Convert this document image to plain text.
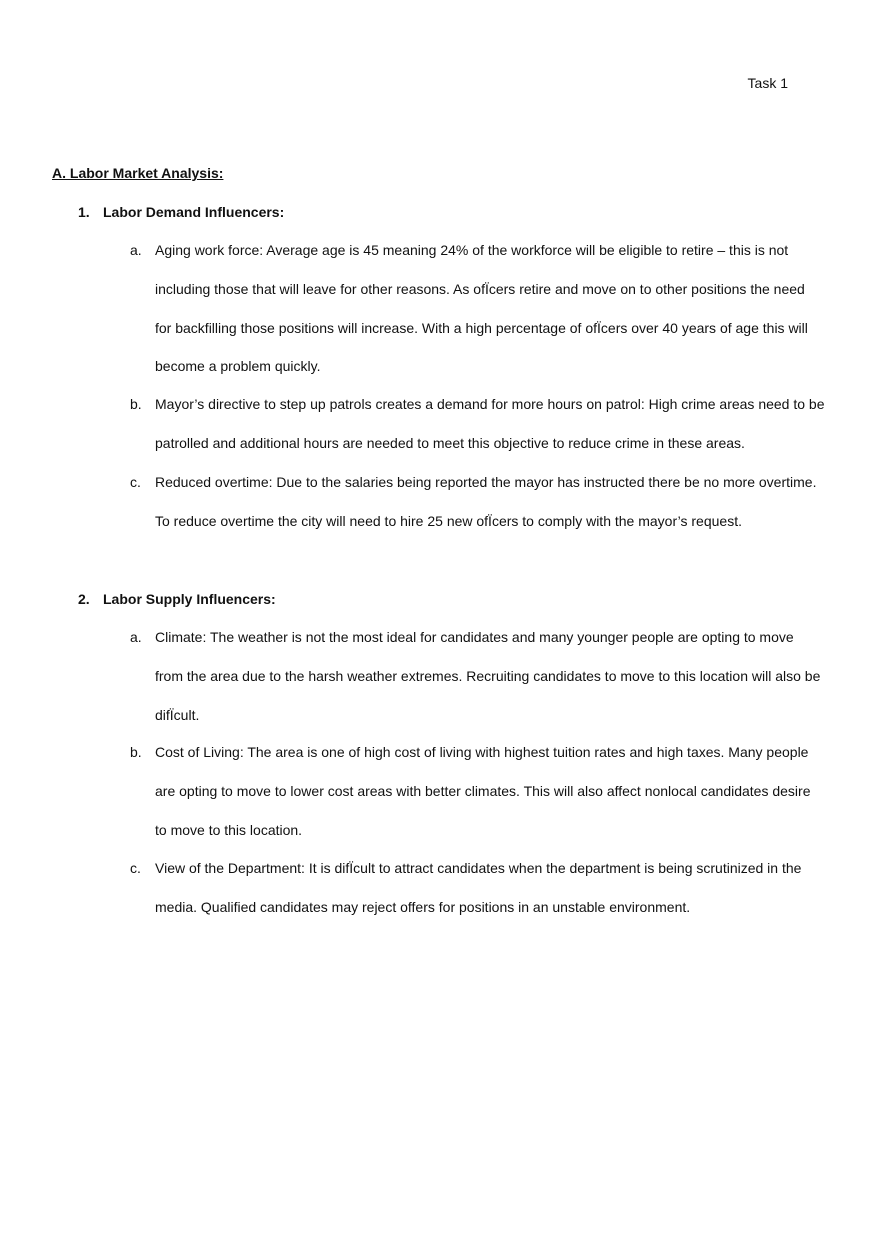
Task 1
A. Labor Market Analysis:
1. Labor Demand Influencers:
a. Aging work force: Average age is 45 meaning 24% of the workforce will be eligible to retire – this is not including those that will leave for other reasons. As ofÏcers retire and move on to other positions the need for backfilling those positions will increase. With a high percentage of ofÏcers over 40 years of age this will become a problem quickly.
b. Mayor’s directive to step up patrols creates a demand for more hours on patrol: High crime areas need to be patrolled and additional hours are needed to meet this objective to reduce crime in these areas.
c.	Reduced overtime: Due to the salaries being reported the mayor has instructed there be no more overtime. To reduce overtime the city will need to hire 25 new ofÏcers to comply with the mayor’s request.
2. Labor Supply Influencers:
a. Climate: The weather is not the most ideal for candidates and many younger people are opting to move from the area due to the harsh weather extremes. Recruiting candidates to move to this location will also be difÏcult.
b. Cost of Living: The area is one of high cost of living with highest tuition rates and high taxes. Many people are opting to move to lower cost areas with better climates. This will also affect nonlocal candidates desire to move to this location.
c.	View of the Department: It is difÏcult to attract candidates when the department is being scrutinized in the media. Qualified candidates may reject offers for positions in an unstable environment.
